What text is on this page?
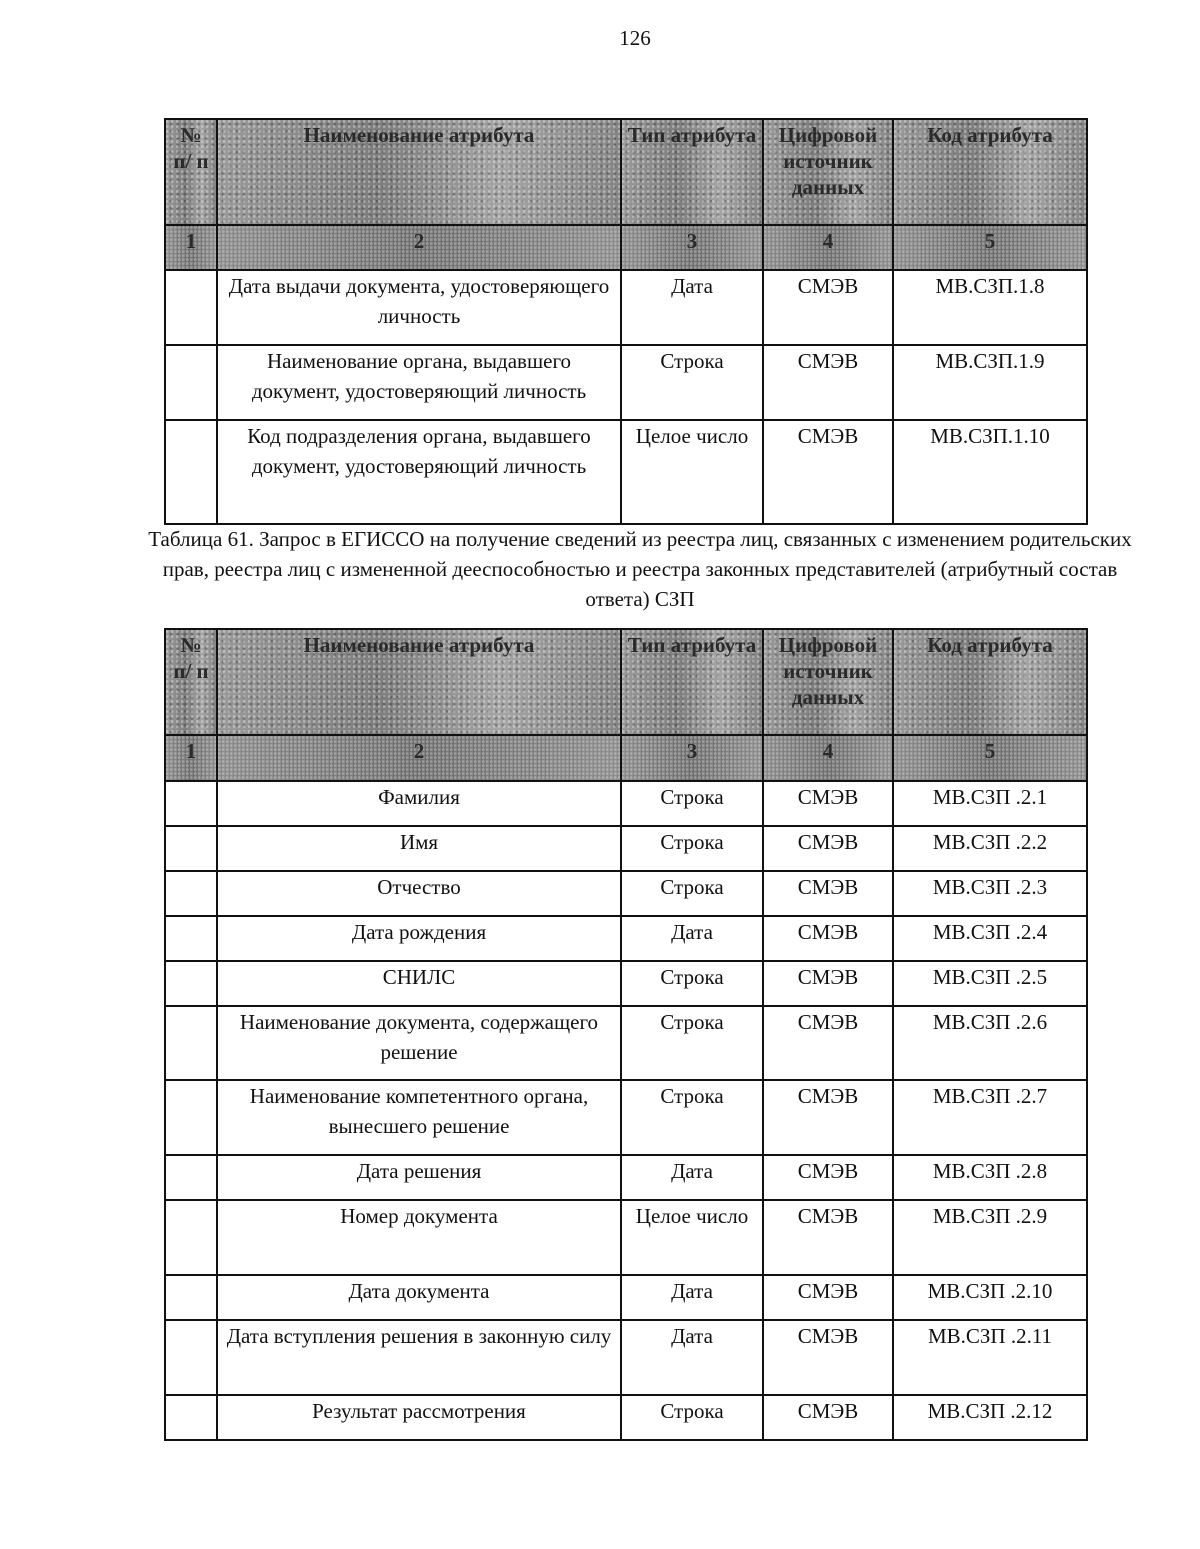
126
№ п/ п	Наименование атрибута	Тип атрибута	Цифровой источник данных	Код атрибута
1	2	3	4	5
	Дата выдачи документа, удостоверяющего личность	Дата	СМЭВ	МВ.СЗП.1.8
	Наименование органа, выдавшего документ, удостоверяющий личность	Строка	СМЭВ	МВ.СЗП.1.9
	Код подразделения органа, выдавшего документ, удостоверяющий личность	Целое число	СМЭВ	МВ.СЗП.1.10
Таблица 61. Запрос в ЕГИССО на получение сведений из реестра лиц, связанных с изменением родительских прав, реестра лиц с измененной дееспособностью и реестра законных представителей (атрибутный состав ответа) СЗП
№ п/ п	Наименование атрибута	Тип атрибута	Цифровой источник данных	Код атрибута
1	2	3	4	5
	Фамилия	Строка	СМЭВ	МВ.СЗП .2.1
	Имя	Строка	СМЭВ	МВ.СЗП .2.2
	Отчество	Строка	СМЭВ	МВ.СЗП .2.3
	Дата рождения	Дата	СМЭВ	МВ.СЗП .2.4
	СНИЛС	Строка	СМЭВ	МВ.СЗП .2.5
	Наименование документа, содержащего решение	Строка	СМЭВ	МВ.СЗП .2.6
	Наименование компетентного органа, вынесшего решение	Строка	СМЭВ	МВ.СЗП .2.7
	Дата решения	Дата	СМЭВ	МВ.СЗП .2.8
	Номер документа	Целое число	СМЭВ	МВ.СЗП .2.9
	Дата документа	Дата	СМЭВ	МВ.СЗП .2.10
	Дата вступления решения в законную силу	Дата	СМЭВ	МВ.СЗП .2.11
	Результат рассмотрения	Строка	СМЭВ	МВ.СЗП .2.12
